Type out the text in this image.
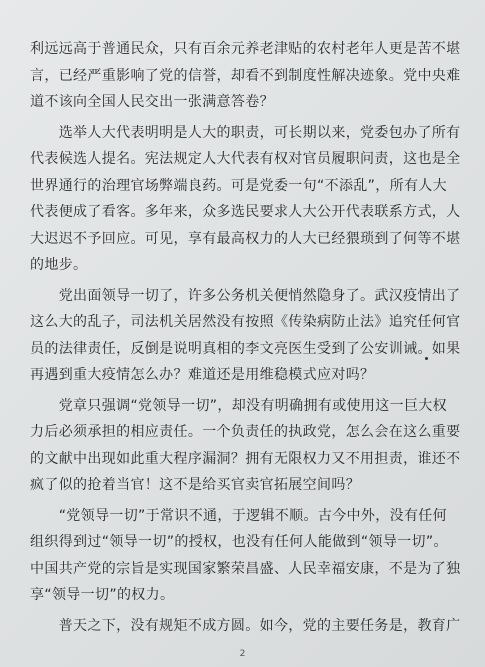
利远远高于普通民众，只有百余元养老津贴的农村老年人更是苦不堪
言，已经严重影响了党的信誉，却看不到制度性解决迹象。党中央难
道不该向全国人民交出一张满意答卷？
　　选举人大代表明明是人大的职责，可长期以来，党委包办了所有
代表候选人提名。宪法规定人大代表有权对官员履职问责，这也是全
世界通行的治理官场弊端良药。可是党委一句“不添乱”，所有人大
代表便成了看客。多年来，众多选民要求人大公开代表联系方式，人
大迟迟不予回应。可见，享有最高权力的人大已经猥琐到了何等不堪
的地步。
　　党出面领导一切了，许多公务机关便悄然隐身了。武汉疫情出了
这么大的乱子，司法机关居然没有按照《传染病防止法》追究任何官
员的法律责任，反倒是说明真相的李文亮医生受到了公安训诫。如果
再遇到重大疫情怎么办？难道还是用维稳模式应对吗？
　　党章只强调“党领导一切”，却没有明确拥有或使用这一巨大权
力后必须承担的相应责任。一个负责任的执政党，怎么会在这么重要
的文献中出现如此重大程序漏洞？拥有无限权力又不用担责，谁还不
疯了似的抢着当官！这不是给买官卖官拓展空间吗？
　　“党领导一切”于常识不通，于逻辑不顺。古今中外，没有任何
组织得到过“领导一切”的授权，也没有任何人能做到“领导一切”。
中国共产党的宗旨是实现国家繁荣昌盛、人民幸福安康，不是为了独
享“领导一切”的权力。
　　普天之下，没有规矩不成方圆。如今，党的主要任务是，教育广
2
